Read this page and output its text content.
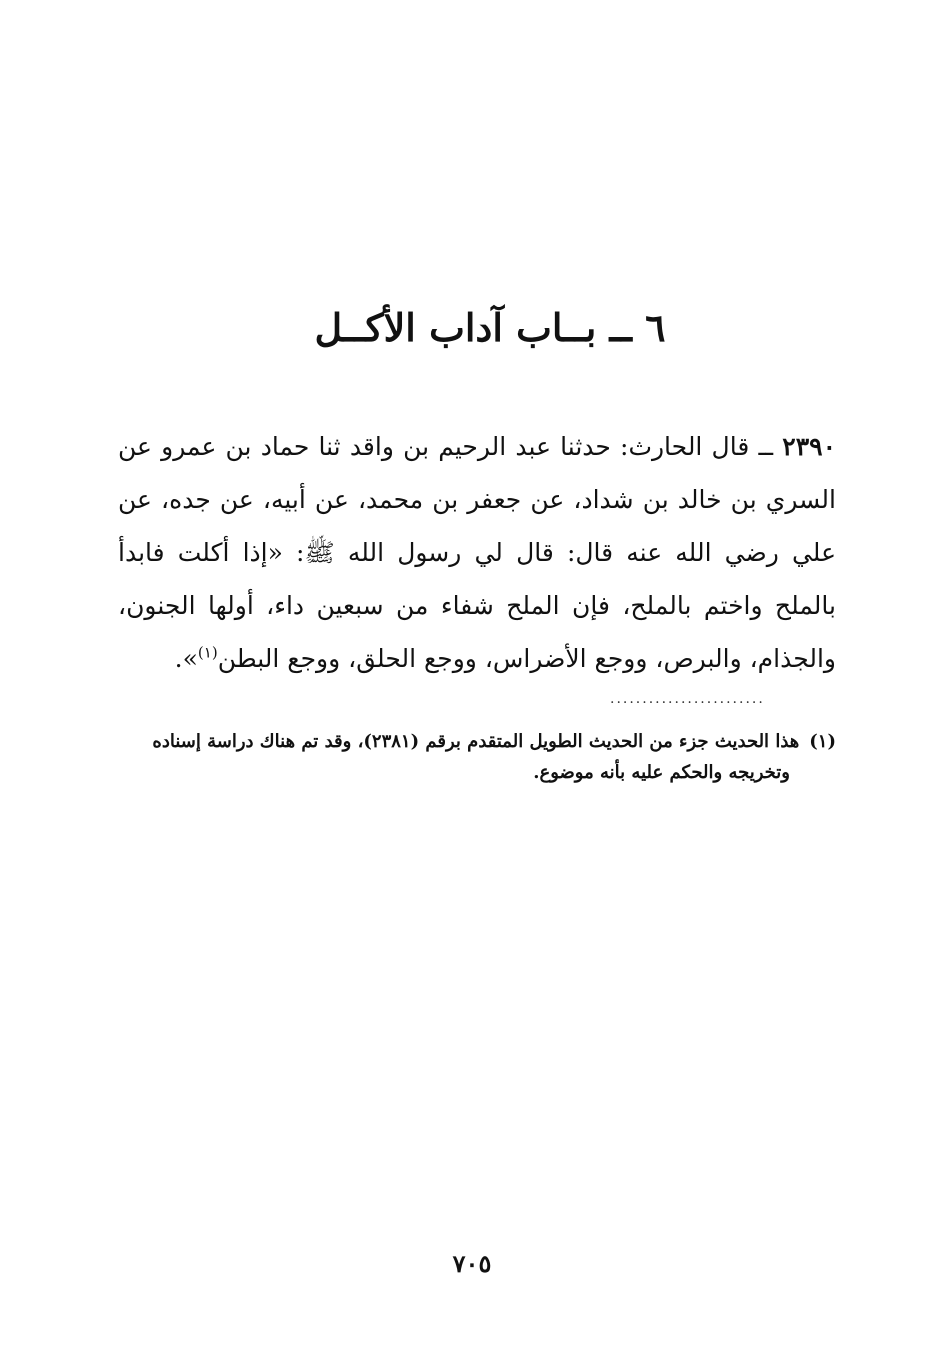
٦ ــ بــاب آداب الأكــل

٢٣٩٠ ــ قال الحارث: حدثنا عبد الرحيم بن واقد ثنا حماد بن عمرو عن السري بن خالد بن شداد، عن جعفر بن محمد، عن أبيه، عن جده، عن علي رضي الله عنه قال: قال لي رسول الله ﷺ: «إذا أكلت فابدأ بالملح واختم بالملح، فإن الملح شفاء من سبعين داء، أولها الجنون، والجذام، والبرص، ووجع الأضراس، ووجع الحلق، ووجع البطن$^{(١)}$».

........................

(١)هذا الحديث جزء من الحديث الطويل المتقدم برقم (٢٣٨١)، وقد تم هناك دراسة إسناده
وتخريجه والحكم عليه بأنه موضوع.

٧٠٥
